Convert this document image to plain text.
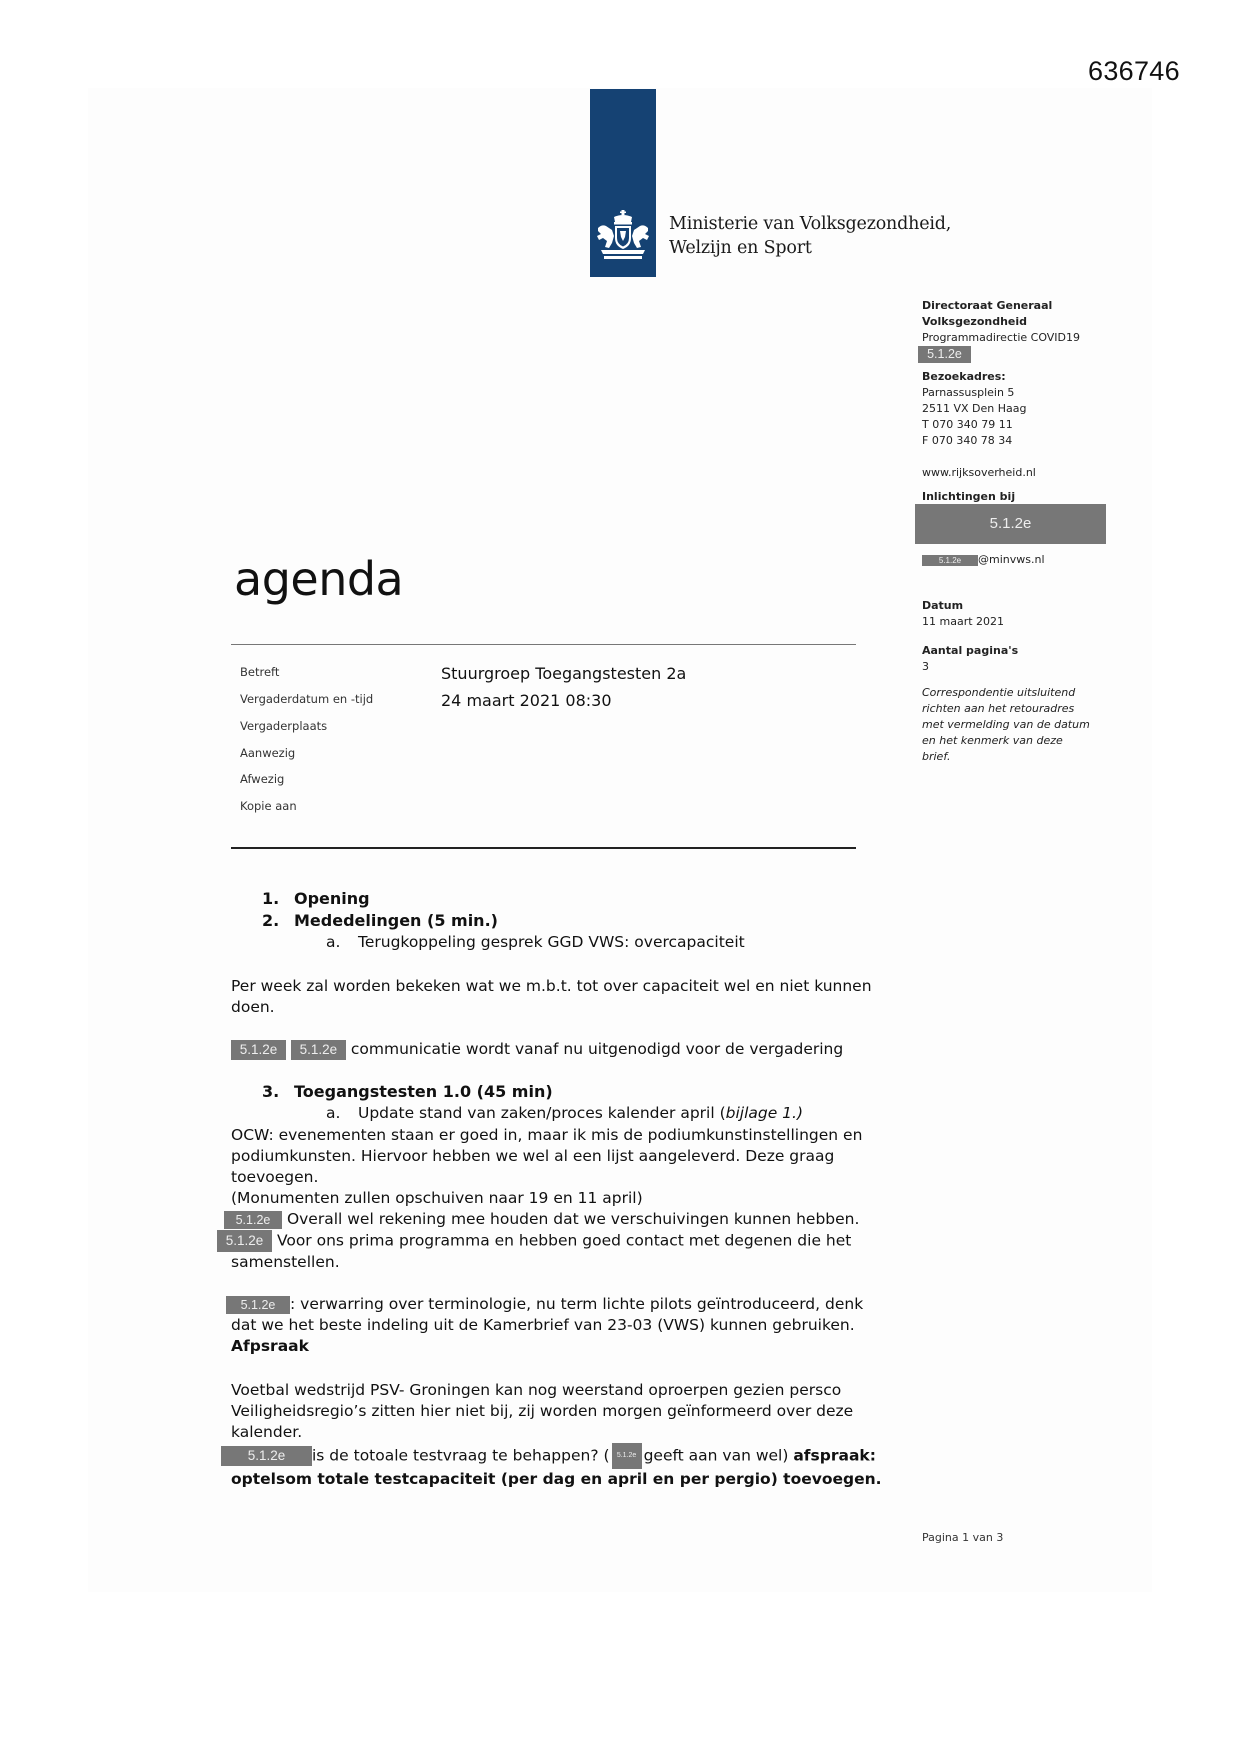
636746
Ministerie van Volksgezondheid,
Welzijn en Sport
Directoraat Generaal
Volksgezondheid
Programmadirectie COVID19
5.1.2e
Bezoekadres:
Parnassusplein 5
2511 VX Den Haag
T 070 340 79 11
F 070 340 78 34
www.rijksoverheid.nl
Inlichtingen bij
5.1.2e
5.1.2e @minvws.nl
Datum
11 maart 2021
Aantal pagina's
3
Correspondentie uitsluitend
richten aan het retouradres
met vermelding van de datum
en het kenmerk van deze
brief.
agenda
Betreft
Vergaderdatum en -tijd
Vergaderplaats
Aanwezig
Afwezig
Kopie aan
Stuurgroep Toegangstesten 2a
24 maart 2021 08:30
1. Opening
2. Mededelingen (5 min.)
a. Terugkoppeling gesprek GGD VWS: overcapaciteit
Per week zal worden bekeken wat we m.b.t. tot over capaciteit wel en niet kunnen
doen.
5.1.2e 5.1.2e communicatie wordt vanaf nu uitgenodigd voor de vergadering
3. Toegangstesten 1.0 (45 min)
a. Update stand van zaken/proces kalender april (bijlage 1.)
OCW: evenementen staan er goed in, maar ik mis de podiumkunstinstellingen en
podiumkunsten. Hiervoor hebben we wel al een lijst aangeleverd. Deze graag
toevoegen.
(Monumenten zullen opschuiven naar 19 en 11 april)
5.1.2e Overall wel rekening mee houden dat we verschuivingen kunnen hebben.
5.1.2e Voor ons prima programma en hebben goed contact met degenen die het
samenstellen.
5.1.2e : verwarring over terminologie, nu term lichte pilots geïntroduceerd, denk
dat we het beste indeling uit de Kamerbrief van 23-03 (VWS) kunnen gebruiken.
Afpsraak
Voetbal wedstrijd PSV- Groningen kan nog weerstand oproerpen gezien persco
Veiligheidsregio’s zitten hier niet bij, zij worden morgen geïnformeerd over deze
kalender.
5.1.2e is de totoale testvraag te behappen? ( 5.1.2e geeft aan van wel) afspraak:
optelsom totale testcapaciteit (per dag en april en per pergio) toevoegen.
Pagina 1 van 3
